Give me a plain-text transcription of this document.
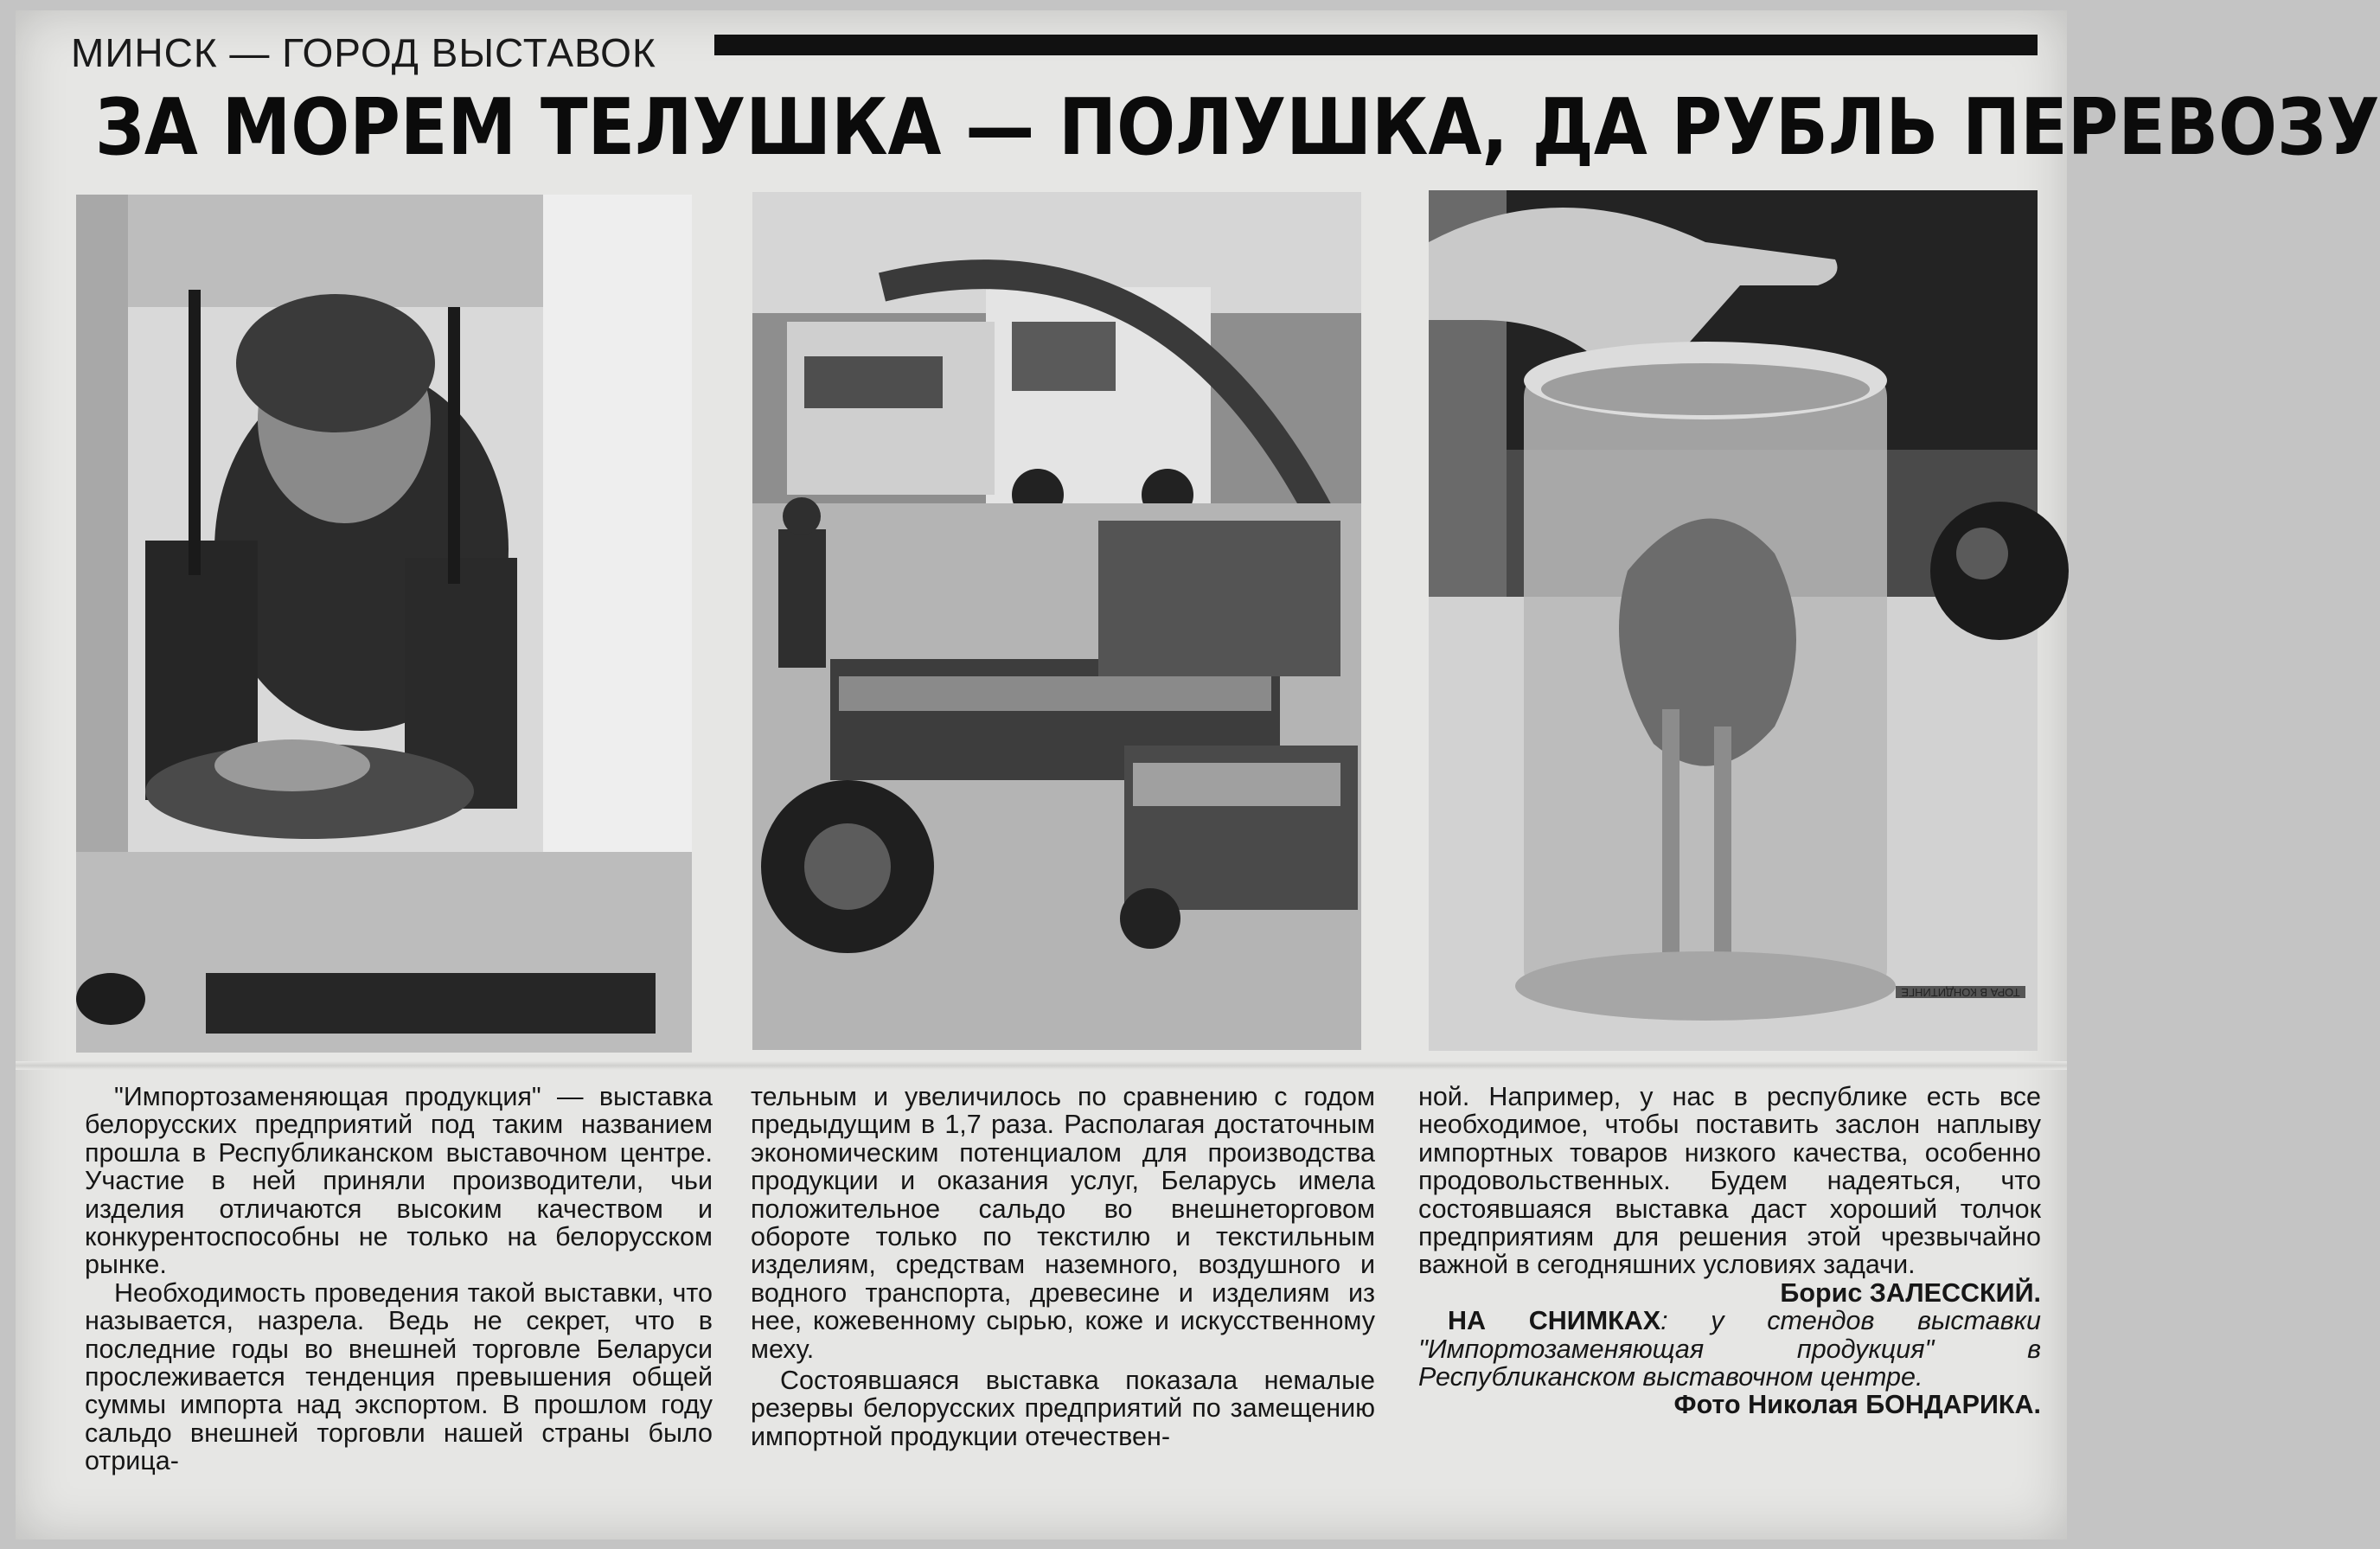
МИНСК — ГОРОД ВЫСТАВОК
ЗА МОРЕМ ТЕЛУШКА — ПОЛУШКА, ДА РУБЛЬ ПЕРЕВОЗУ
ТОРА В КОНДИТИНГЕ

"Импортозаменяющая продукция" — выставка белорусских предприятий под таким названием прошла в Республиканском выставочном центре. Участие в ней приняли производители, чьи изделия отличаются высоким качеством и конкурентоспособны не только на белорусском рынке.

Необходимость проведения такой выставки, что называется, назрела. Ведь не секрет, что в последние годы во внешней торговле Беларуси прослеживается тенденция превышения общей суммы импорта над экспортом. В прошлом году сальдо внешней торговли нашей страны было отрица-

тельным и увеличилось по сравнению с годом предыдущим в 1,7 раза. Располагая достаточным экономическим потенциалом для производства продукции и оказания услуг, Беларусь имела положительное сальдо во внешнеторговом обороте только по текстилю и текстильным изделиям, средствам наземного, воздушного и водного транспорта, древесине и изделиям из нее, кожевенному сырью, коже и искусственному меху.

Состоявшаяся выставка показала немалые резервы белорусских предприятий по замещению импортной продукции отечествен-

ной. Например, у нас в республике есть все необходимое, чтобы поставить заслон наплыву импортных товаров низкого качества, особенно продовольственных. Будем надеяться, что состоявшаяся выставка даст хороший толчок предприятиям для решения этой чрезвычайно важной в сегодняшних условиях задачи.

Борис ЗАЛЕССКИЙ.

НА СНИМКАХ: у стендов выставки "Импортозаменяющая продукция" в Республиканском выставочном центре.

Фото Николая БОНДАРИКА.
